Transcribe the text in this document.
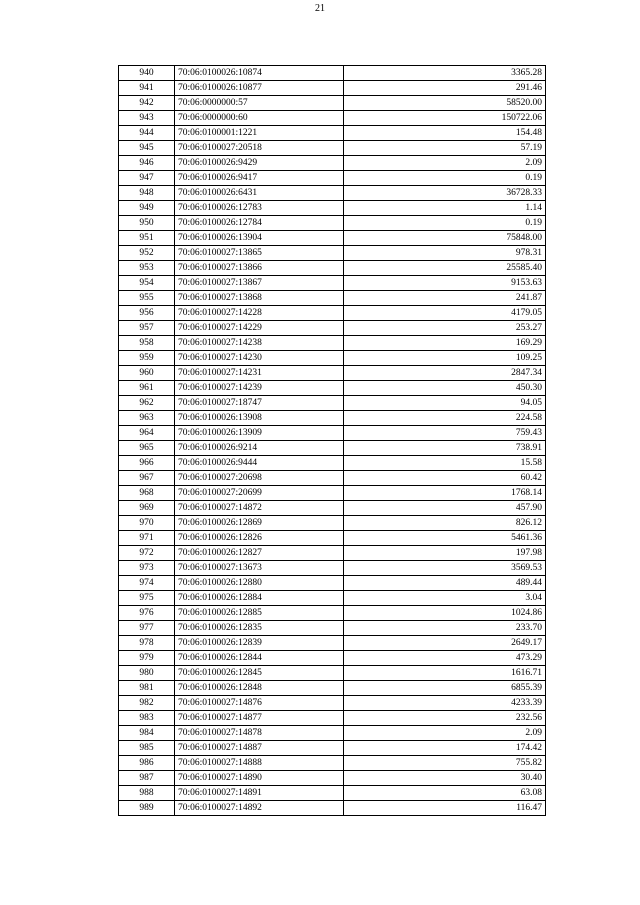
21
940	70:06:0100026:10874	3365.28
941	70:06:0100026:10877	291.46
942	70:06:0000000:57	58520.00
943	70:06:0000000:60	150722.06
944	70:06:0100001:1221	154.48
945	70:06:0100027:20518	57.19
946	70:06:0100026:9429	2.09
947	70:06:0100026:9417	0.19
948	70:06:0100026:6431	36728.33
949	70:06:0100026:12783	1.14
950	70:06:0100026:12784	0.19
951	70:06:0100026:13904	75848.00
952	70:06:0100027:13865	978.31
953	70:06:0100027:13866	25585.40
954	70:06:0100027:13867	9153.63
955	70:06:0100027:13868	241.87
956	70:06:0100027:14228	4179.05
957	70:06:0100027:14229	253.27
958	70:06:0100027:14238	169.29
959	70:06:0100027:14230	109.25
960	70:06:0100027:14231	2847.34
961	70:06:0100027:14239	450.30
962	70:06:0100027:18747	94.05
963	70:06:0100026:13908	224.58
964	70:06:0100026:13909	759.43
965	70:06:0100026:9214	738.91
966	70:06:0100026:9444	15.58
967	70:06:0100027:20698	60.42
968	70:06:0100027:20699	1768.14
969	70:06:0100027:14872	457.90
970	70:06:0100026:12869	826.12
971	70:06:0100026:12826	5461.36
972	70:06:0100026:12827	197.98
973	70:06:0100027:13673	3569.53
974	70:06:0100026:12880	489.44
975	70:06:0100026:12884	3.04
976	70:06:0100026:12885	1024.86
977	70:06:0100026:12835	233.70
978	70:06:0100026:12839	2649.17
979	70:06:0100026:12844	473.29
980	70:06:0100026:12845	1616.71
981	70:06:0100026:12848	6855.39
982	70:06:0100027:14876	4233.39
983	70:06:0100027:14877	232.56
984	70:06:0100027:14878	2.09
985	70:06:0100027:14887	174.42
986	70:06:0100027:14888	755.82
987	70:06:0100027:14890	30.40
988	70:06:0100027:14891	63.08
989	70:06:0100027:14892	116.47
